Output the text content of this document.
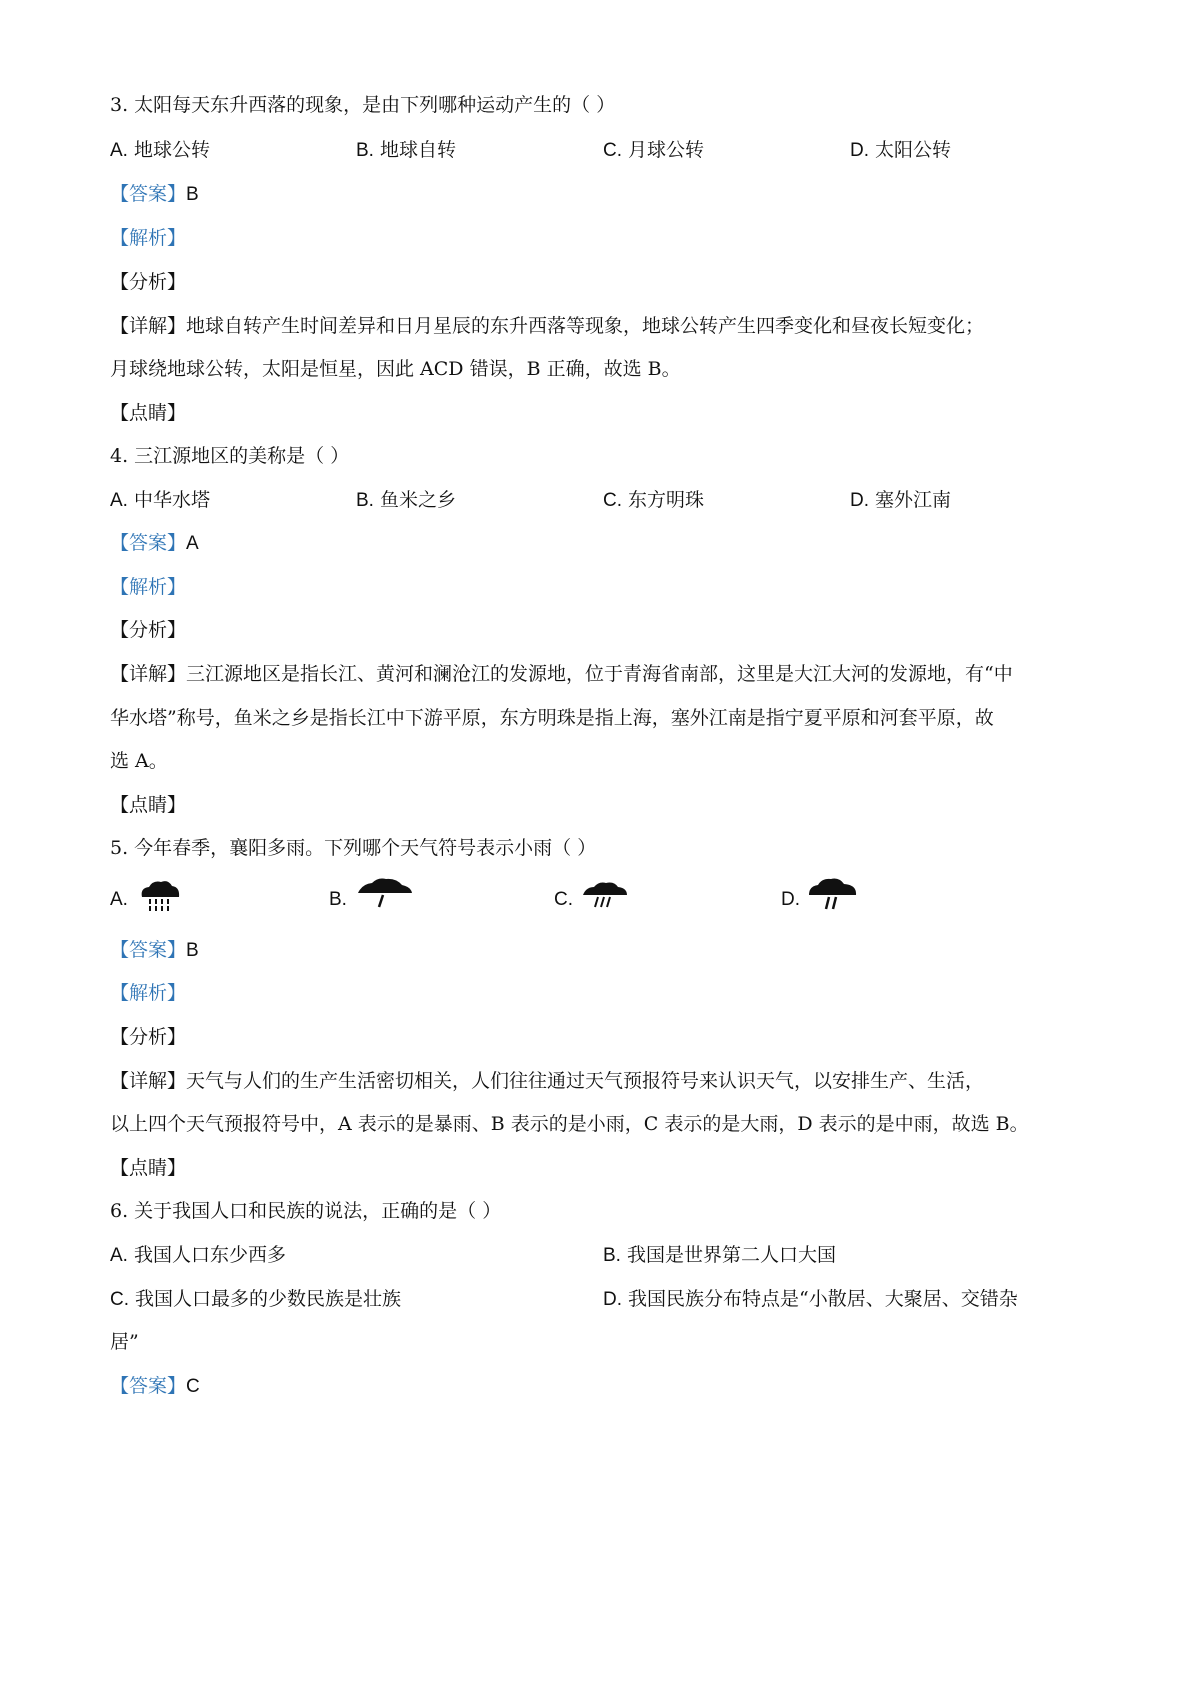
3. 太阳每天东升西落的现象，是由下列哪种运动产生的（ ）
A. 地球公转	B. 地球自转	C. 月球公转	D. 太阳公转
【答案】B
【解析】
【分析】
【详解】地球自转产生时间差异和日月星辰的东升西落等现象，地球公转产生四季变化和昼夜长短变化；
月球绕地球公转，太阳是恒星，因此 ACD 错误，B 正确，故选 B。
【点睛】
4. 三江源地区的美称是（ ）
A. 中华水塔	B. 鱼米之乡	C. 东方明珠	D. 塞外江南
【答案】A
【解析】
【分析】
【详解】三江源地区是指长江、黄河和澜沧江的发源地，位于青海省南部，这里是大江大河的发源地，有“中
华水塔”称号，鱼米之乡是指长江中下游平原，东方明珠是指上海，塞外江南是指宁夏平原和河套平原，故
选 A。
【点睛】
5. 今年春季，襄阳多雨。下列哪个天气符号表示小雨（ ）
A.	B.	C.	D.
【答案】B
【解析】
【分析】
【详解】天气与人们的生产生活密切相关，人们往往通过天气预报符号来认识天气，以安排生产、生活，
以上四个天气预报符号中，A 表示的是暴雨、B 表示的是小雨，C 表示的是大雨，D 表示的是中雨，故选 B。
【点睛】
6. 关于我国人口和民族的说法，正确的是（ ）
A. 我国人口东少西多	B. 我国是世界第二人口大国
C. 我国人口最多的少数民族是壮族	D. 我国民族分布特点是“小散居、大聚居、交错杂
居”
【答案】C
